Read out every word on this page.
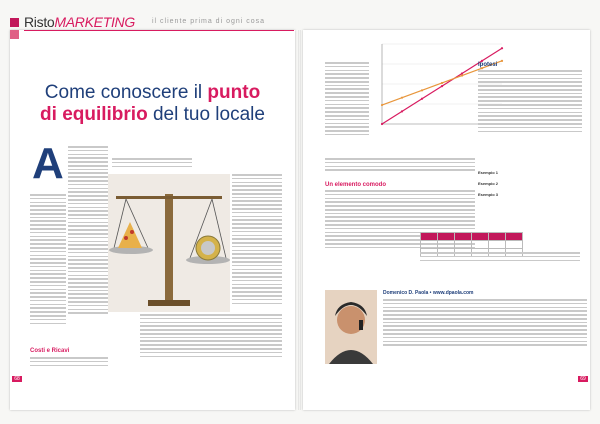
RistoMARKETING il cliente prima di ogni cosa
Come conoscere il punto
di equilibrio del tuo locale
A
Costi e Ricavi
Un elemento comodo
Ipotesi
Esempio 1
Esempio 2
Esempio 3

Domenico D. Paola • www.dpaola.com
68	69
